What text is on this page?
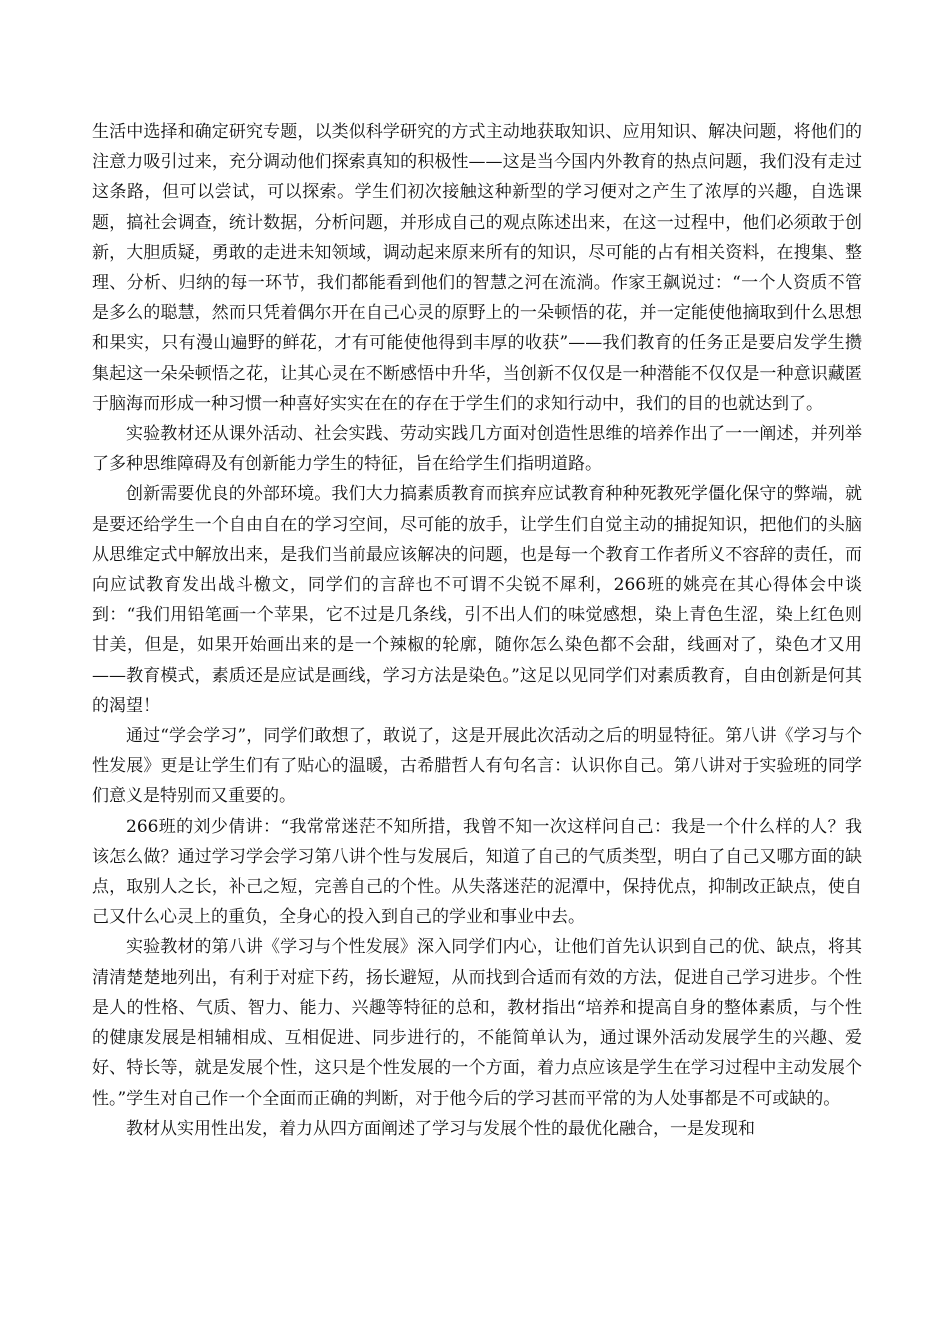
生活中选择和确定研究专题，以类似科学研究的方式主动地获取知识、应用知识、解决问题，将他们的注意力吸引过来，充分调动他们探索真知的积极性——这是当今国内外教育的热点问题，我们没有走过这条路，但可以尝试，可以探索。学生们初次接触这种新型的学习便对之产生了浓厚的兴趣，自选课题，搞社会调查，统计数据，分析问题，并形成自己的观点陈述出来，在这一过程中，他们必须敢于创新，大胆质疑，勇敢的走进未知领域，调动起来原来所有的知识，尽可能的占有相关资料，在搜集、整理、分析、归纳的每一环节，我们都能看到他们的智慧之河在流淌。作家王飙说过：“一个人资质不管是多么的聪慧，然而只凭着偶尔开在自己心灵的原野上的一朵顿悟的花，并一定能使他摘取到什么思想和果实，只有漫山遍野的鲜花，才有可能使他得到丰厚的收获”——我们教育的任务正是要启发学生攒集起这一朵朵顿悟之花，让其心灵在不断感悟中升华，当创新不仅仅是一种潜能不仅仅是一种意识藏匿于脑海而形成一种习惯一种喜好实实在在的存在于学生们的求知行动中，我们的目的也就达到了。

实验教材还从课外活动、社会实践、劳动实践几方面对创造性思维的培养作出了一一阐述，并列举了多种思维障碍及有创新能力学生的特征，旨在给学生们指明道路。

创新需要优良的外部环境。我们大力搞素质教育而摈弃应试教育种种死教死学僵化保守的弊端，就是要还给学生一个自由自在的学习空间，尽可能的放手，让学生们自觉主动的捕捉知识，把他们的头脑从思维定式中解放出来，是我们当前最应该解决的问题，也是每一个教育工作者所义不容辞的责任，而向应试教育发出战斗檄文，同学们的言辞也不可谓不尖锐不犀利，266班的姚亮在其心得体会中谈到：“我们用铅笔画一个苹果，它不过是几条线，引不出人们的味觉感想，染上青色生涩，染上红色则甘美，但是，如果开始画出来的是一个辣椒的轮廓，随你怎么染色都不会甜，线画对了，染色才又用——教育模式，素质还是应试是画线，学习方法是染色。”这足以见同学们对素质教育，自由创新是何其的渴望！

通过“学会学习”，同学们敢想了，敢说了，这是开展此次活动之后的明显特征。第八讲《学习与个性发展》更是让学生们有了贴心的温暖，古希腊哲人有句名言：认识你自己。第八讲对于实验班的同学们意义是特别而又重要的。

266班的刘少倩讲：“我常常迷茫不知所措，我曾不知一次这样问自己：我是一个什么样的人？我该怎么做？通过学习学会学习第八讲个性与发展后，知道了自己的气质类型，明白了自己又哪方面的缺点，取别人之长，补己之短，完善自己的个性。从失落迷茫的泥潭中，保持优点，抑制改正缺点，使自己又什么心灵上的重负，全身心的投入到自己的学业和事业中去。

实验教材的第八讲《学习与个性发展》深入同学们内心，让他们首先认识到自己的优、缺点，将其清清楚楚地列出，有利于对症下药，扬长避短，从而找到合适而有效的方法，促进自己学习进步。个性是人的性格、气质、智力、能力、兴趣等特征的总和，教材指出“培养和提高自身的整体素质，与个性的健康发展是相辅相成、互相促进、同步进行的，不能简单认为，通过课外活动发展学生的兴趣、爱好、特长等，就是发展个性，这只是个性发展的一个方面，着力点应该是学生在学习过程中主动发展个性。”学生对自己作一个全面而正确的判断，对于他今后的学习甚而平常的为人处事都是不可或缺的。

教材从实用性出发，着力从四方面阐述了学习与发展个性的最优化融合，一是发现和
